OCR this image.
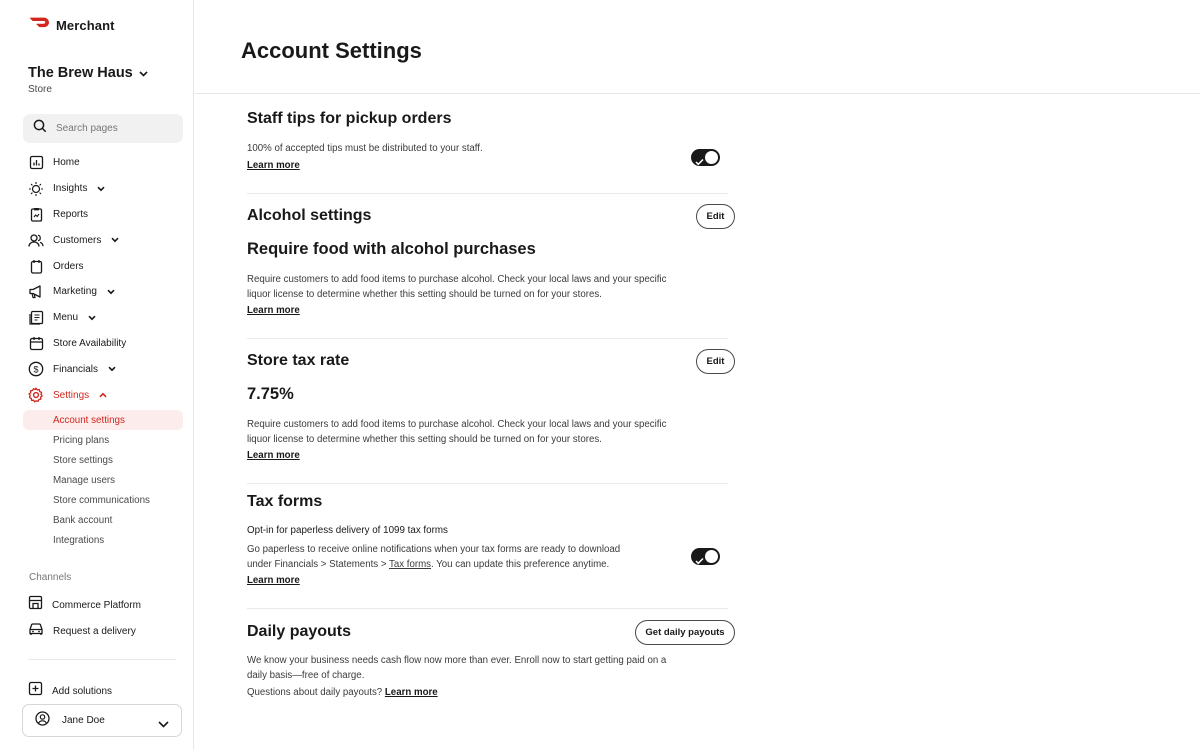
Merchant
The Brew Haus
Store
Search pages
Home
Insights
Reports
Customers
Orders
Marketing
Menu
Store Availability
$ Financials
Settings
Account settings
Pricing plans
Store settings
Manage users
Store communications
Bank account
Integrations
Channels
Commerce Platform
Request a delivery
Add solutions
Jane Doe
Account Settings
Staff tips for pickup orders
100% of accepted tips must be distributed to your staff.
Learn more
Alcohol settings	Edit
Require food with alcohol purchases
Require customers to add food items to purchase alcohol. Check your local laws and your specific liquor license to determine whether this setting should be turned on for your stores.
Learn more
Store tax rate	Edit
7.75%
Require customers to add food items to purchase alcohol. Check your local laws and your specific liquor license to determine whether this setting should be turned on for your stores.
Learn more
Tax forms
Opt-in for paperless delivery of 1099 tax forms
Go paperless to receive online notifications when your tax forms are ready to download under Financials > Statements > Tax forms. You can update this preference anytime.
Learn more
Daily payouts	Get daily payouts
We know your business needs cash flow now more than ever. Enroll now to start getting paid on a daily basis—free of charge.
Questions about daily payouts? Learn more
